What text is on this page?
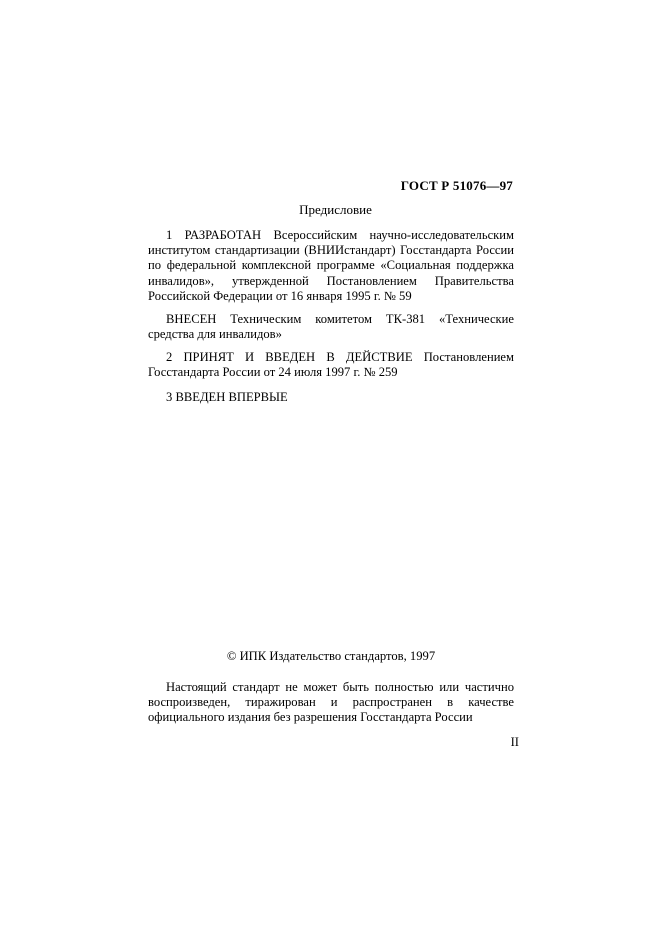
ГОСТ Р 51076—97
Предисловие

1 РАЗРАБОТАН Всероссийским научно-исследовательским институтом стандартизации (ВНИИстандарт) Госстандарта России по федеральной комплексной программе «Социальная поддержка инвалидов», утвержденной Постановлением Правительства Российской Федерации от 16 января 1995 г. № 59

ВНЕСЕН Техническим комитетом ТК-381 «Технические средства для инвалидов»

2 ПРИНЯТ И ВВЕДЕН В ДЕЙСТВИЕ Постановлением Госстандарта России от 24 июля 1997 г. № 259

3 ВВЕДЕН ВПЕРВЫЕ

© ИПК Издательство стандартов, 1997

Настоящий стандарт не может быть полностью или частично воспроизведен, тиражирован и распространен в качестве официального издания без разрешения Госстандарта России

II
